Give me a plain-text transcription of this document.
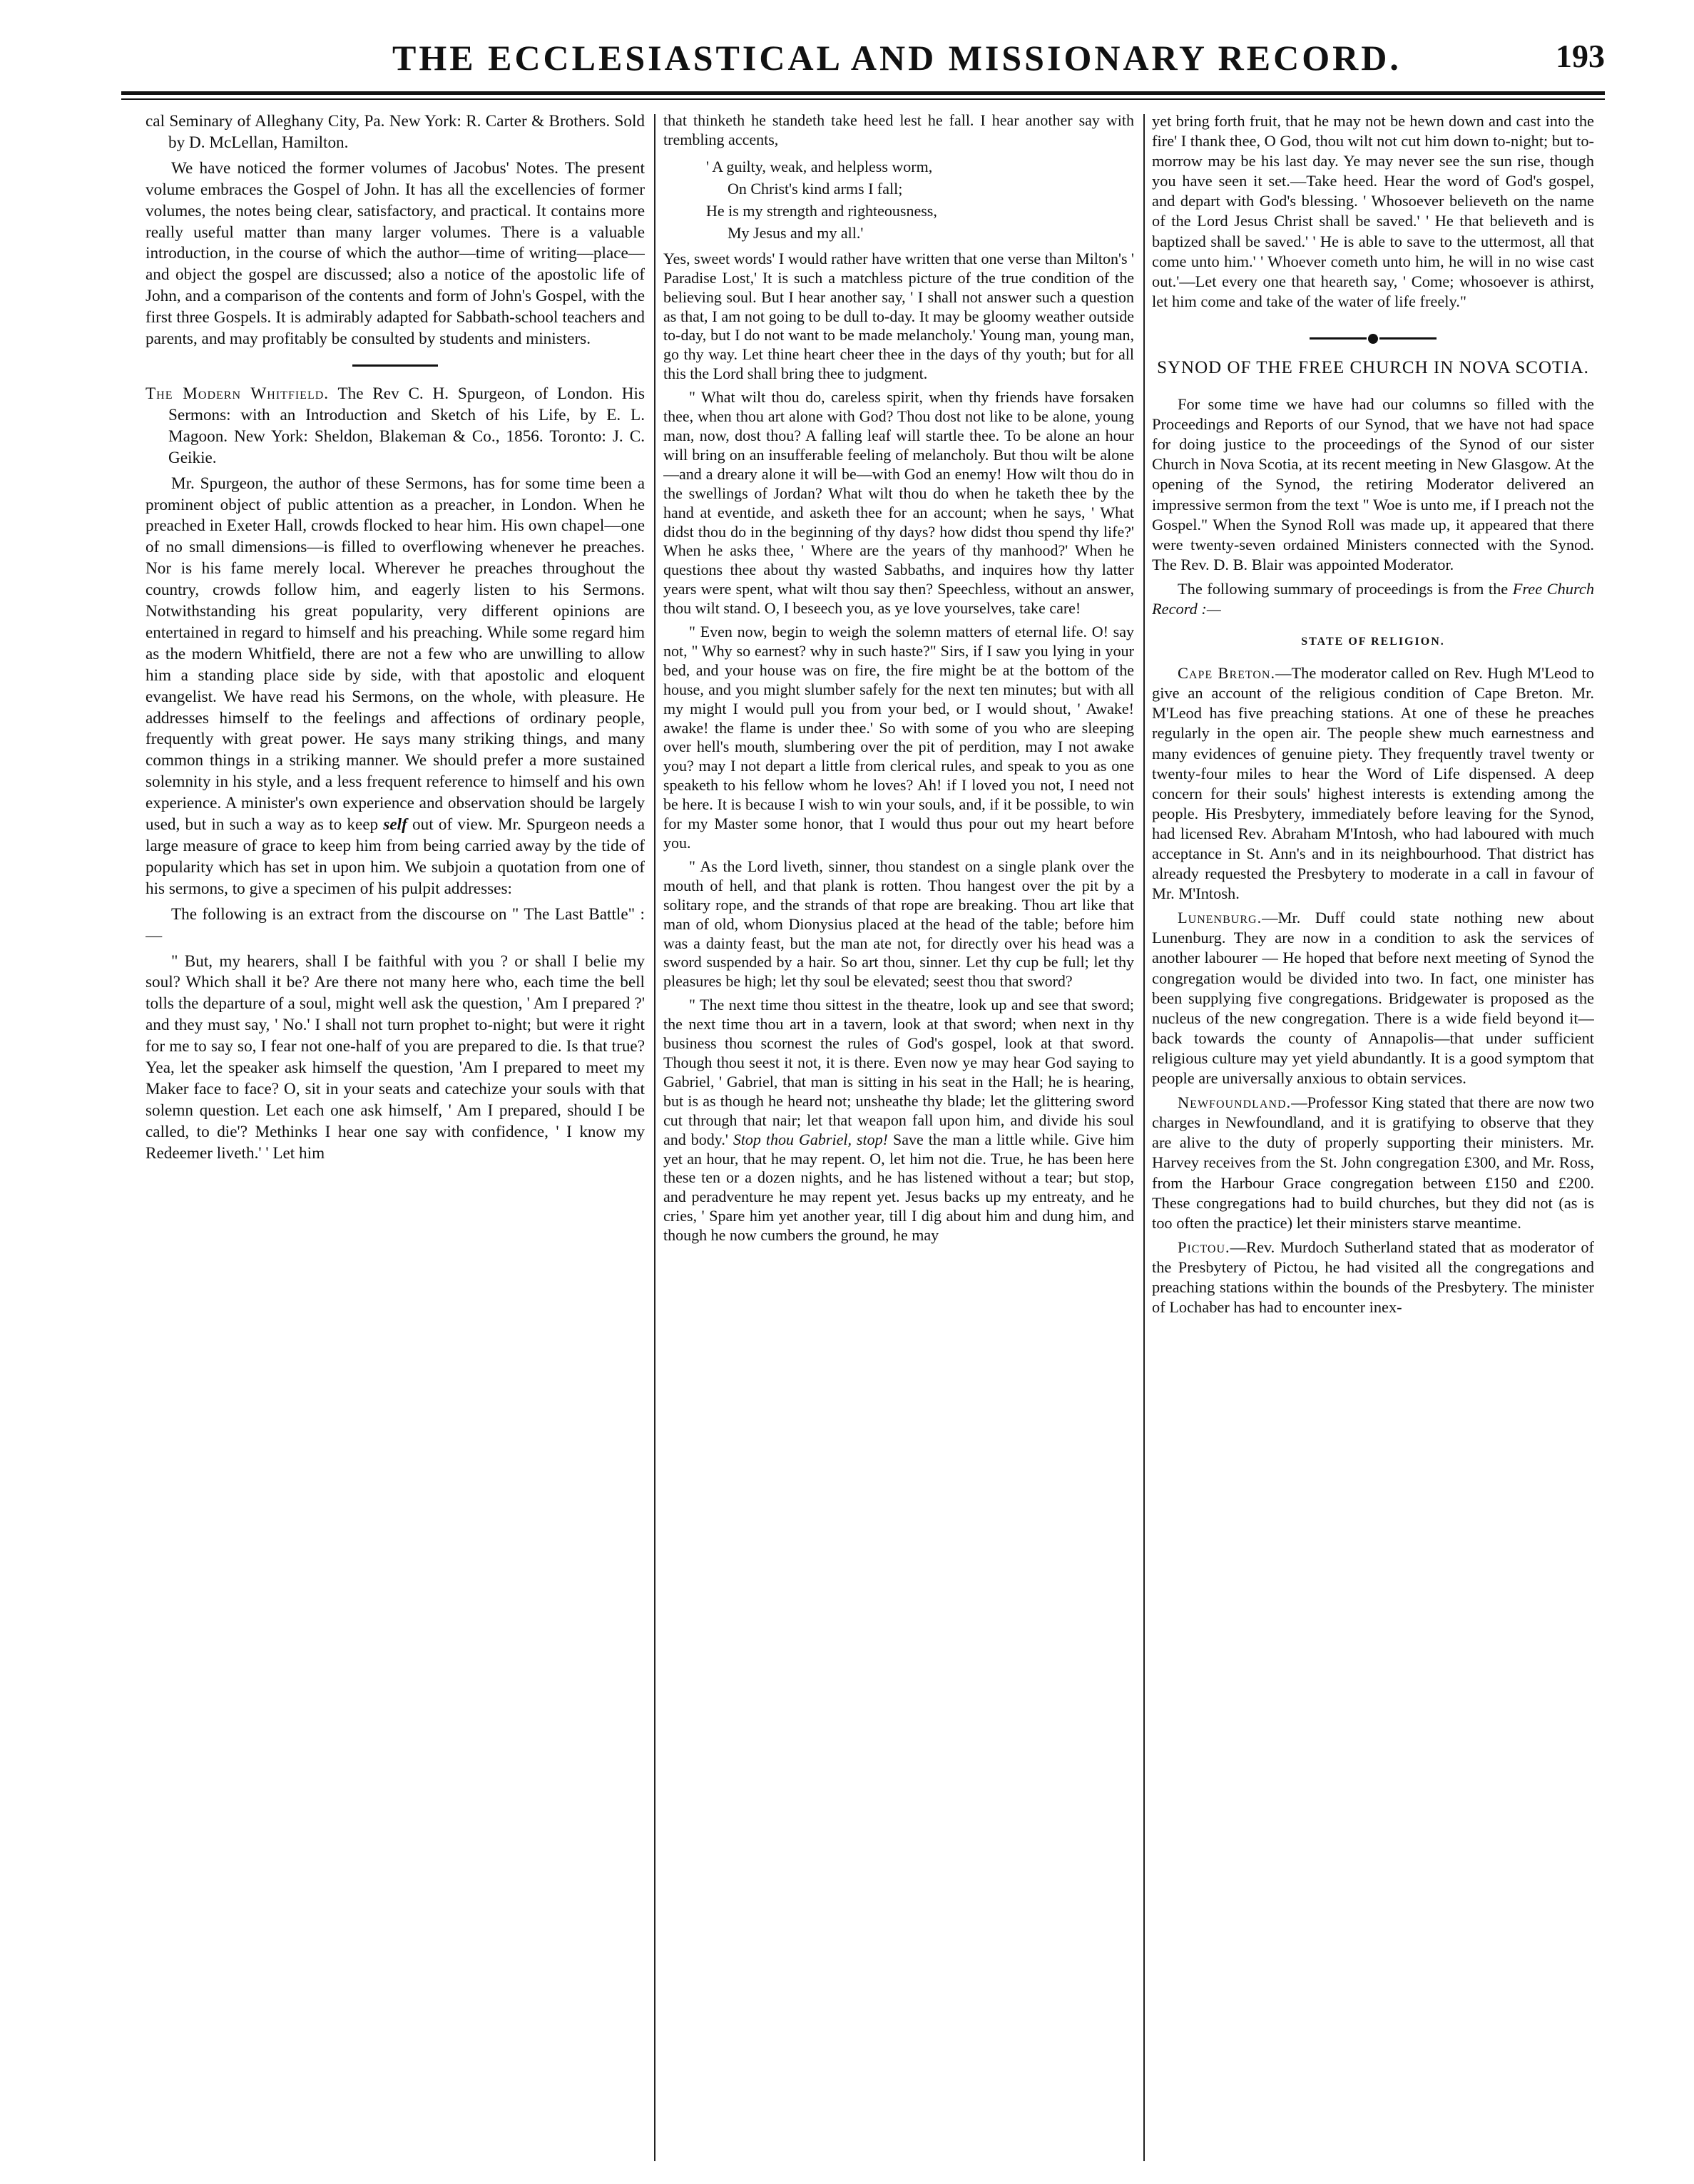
THE ECCLESIASTICAL AND MISSIONARY RECORD.	193

cal Seminary of Alleghany City, Pa. New York: R. Carter & Brothers. Sold by D. McLellan, Hamilton.

We have noticed the former volumes of Jacobus' Notes. The present volume embraces the Gospel of John. It has all the excellencies of former volumes, the notes being clear, satisfactory, and practical. It contains more really useful matter than many larger volumes. There is a valuable introduction, in the course of which the author—time of writing—place—and object the gospel are discussed; also a notice of the apostolic life of John, and a comparison of the contents and form of John's Gospel, with the first three Gospels. It is admirably adapted for Sabbath-school teachers and parents, and may profitably be consulted by students and ministers.

The Modern Whitfield. The Rev C. H. Spurgeon, of London. His Sermons: with an Introduction and Sketch of his Life, by E. L. Magoon. New York: Sheldon, Blakeman & Co., 1856. Toronto: J. C. Geikie.

Mr. Spurgeon, the author of these Sermons, has for some time been a prominent object of public attention as a preacher, in London. When he preached in Exeter Hall, crowds flocked to hear him. His own chapel—one of no small dimensions—is filled to overflowing whenever he preaches. Nor is his fame merely local. Wherever he preaches throughout the country, crowds follow him, and eagerly listen to his Sermons. Notwithstanding his great popularity, very different opinions are entertained in regard to himself and his preaching. While some regard him as the modern Whitfield, there are not a few who are unwilling to allow him a standing place side by side, with that apostolic and eloquent evangelist. We have read his Sermons, on the whole, with pleasure. He addresses himself to the feelings and affections of ordinary people, frequently with great power. He says many striking things, and many common things in a striking manner. We should prefer a more sustained solemnity in his style, and a less frequent reference to himself and his own experience. A minister's own experience and observation should be largely used, but in such a way as to keep self out of view. Mr. Spurgeon needs a large measure of grace to keep him from being carried away by the tide of popularity which has set in upon him. We subjoin a quotation from one of his sermons, to give a specimen of his pulpit addresses:

The following is an extract from the discourse on " The Last Battle" :—

" But, my hearers, shall I be faithful with you ? or shall I belie my soul? Which shall it be? Are there not many here who, each time the bell tolls the departure of a soul, might well ask the question, ' Am I prepared ?' and they must say, ' No.' I shall not turn prophet to-night; but were it right for me to say so, I fear not one-half of you are prepared to die. Is that true? Yea, let the speaker ask himself the question, 'Am I prepared to meet my Maker face to face? O, sit in your seats and catechize your souls with that solemn question. Let each one ask himself, ' Am I prepared, should I be called, to die'? Methinks I hear one say with confidence, ' I know my Redeemer liveth.' ' Let him

that thinketh he standeth take heed lest he fall. I hear another say with trembling accents,

' A guilty, weak, and helpless worm,
On Christ's kind arms I fall;
He is my strength and righteousness,
My Jesus and my all.'

Yes, sweet words' I would rather have written that one verse than Milton's ' Paradise Lost,' It is such a matchless picture of the true condition of the believing soul. But I hear another say, ' I shall not answer such a question as that, I am not going to be dull to-day. It may be gloomy weather outside to-day, but I do not want to be made melancholy.' Young man, young man, go thy way. Let thine heart cheer thee in the days of thy youth; but for all this the Lord shall bring thee to judgment.

" What wilt thou do, careless spirit, when thy friends have forsaken thee, when thou art alone with God? Thou dost not like to be alone, young man, now, dost thou? A falling leaf will startle thee. To be alone an hour will bring on an insufferable feeling of melancholy. But thou wilt be alone—and a dreary alone it will be—with God an enemy! How wilt thou do in the swellings of Jordan? What wilt thou do when he taketh thee by the hand at eventide, and asketh thee for an account; when he says, ' What didst thou do in the beginning of thy days? how didst thou spend thy life?' When he asks thee, ' Where are the years of thy manhood?' When he questions thee about thy wasted Sabbaths, and inquires how thy latter years were spent, what wilt thou say then? Speechless, without an answer, thou wilt stand. O, I beseech you, as ye love yourselves, take care!

" Even now, begin to weigh the solemn matters of eternal life. O! say not, " Why so earnest? why in such haste?" Sirs, if I saw you lying in your bed, and your house was on fire, the fire might be at the bottom of the house, and you might slumber safely for the next ten minutes; but with all my might I would pull you from your bed, or I would shout, ' Awake! awake! the flame is under thee.' So with some of you who are sleeping over hell's mouth, slumbering over the pit of perdition, may I not awake you? may I not depart a little from clerical rules, and speak to you as one speaketh to his fellow whom he loves? Ah! if I loved you not, I need not be here. It is because I wish to win your souls, and, if it be possible, to win for my Master some honor, that I would thus pour out my heart before you.

" As the Lord liveth, sinner, thou standest on a single plank over the mouth of hell, and that plank is rotten. Thou hangest over the pit by a solitary rope, and the strands of that rope are breaking. Thou art like that man of old, whom Dionysius placed at the head of the table; before him was a dainty feast, but the man ate not, for directly over his head was a sword suspended by a hair. So art thou, sinner. Let thy cup be full; let thy pleasures be high; let thy soul be elevated; seest thou that sword?

" The next time thou sittest in the theatre, look up and see that sword; the next time thou art in a tavern, look at that sword; when next in thy business thou scornest the rules of God's gospel, look at that sword. Though thou seest it not, it is there. Even now ye may hear God saying to Gabriel, ' Gabriel, that man is sitting in his seat in the Hall; he is hearing, but is as though he heard not; unsheathe thy blade; let the glittering sword cut through that nair; let that weapon fall upon him, and divide his soul and body.' Stop thou Gabriel, stop! Save the man a little while. Give him yet an hour, that he may repent. O, let him not die. True, he has been here these ten or a dozen nights, and he has listened without a tear; but stop, and peradventure he may repent yet. Jesus backs up my entreaty, and he cries, ' Spare him yet another year, till I dig about him and dung him, and though he now cumbers the ground, he may

yet bring forth fruit, that he may not be hewn down and cast into the fire' I thank thee, O God, thou wilt not cut him down to-night; but to-morrow may be his last day. Ye may never see the sun rise, though you have seen it set.—Take heed. Hear the word of God's gospel, and depart with God's blessing. ' Whosoever believeth on the name of the Lord Jesus Christ shall be saved.' ' He that believeth and is baptized shall be saved.' ' He is able to save to the uttermost, all that come unto him.' ' Whoever cometh unto him, he will in no wise cast out.'—Let every one that heareth say, ' Come; whosoever is athirst, let him come and take of the water of life freely."

SYNOD OF THE FREE CHURCH IN NOVA SCOTIA.

For some time we have had our columns so filled with the Proceedings and Reports of our Synod, that we have not had space for doing justice to the proceedings of the Synod of our sister Church in Nova Scotia, at its recent meeting in New Glasgow. At the opening of the Synod, the retiring Moderator delivered an impressive sermon from the text " Woe is unto me, if I preach not the Gospel." When the Synod Roll was made up, it appeared that there were twenty-seven ordained Ministers connected with the Synod. The Rev. D. B. Blair was appointed Moderator.

The following summary of proceedings is from the Free Church Record :—

STATE OF RELIGION.

Cape Breton.—The moderator called on Rev. Hugh M'Leod to give an account of the religious condition of Cape Breton. Mr. M'Leod has five preaching stations. At one of these he preaches regularly in the open air. The people shew much earnestness and many evidences of genuine piety. They frequently travel twenty or twenty-four miles to hear the Word of Life dispensed. A deep concern for their souls' highest interests is extending among the people. His Presbytery, immediately before leaving for the Synod, had licensed Rev. Abraham M'Intosh, who had laboured with much acceptance in St. Ann's and in its neighbourhood. That district has already requested the Presbytery to moderate in a call in favour of Mr. M'Intosh.

Lunenburg.—Mr. Duff could state nothing new about Lunenburg. They are now in a condition to ask the services of another labourer — He hoped that before next meeting of Synod the congregation would be divided into two. In fact, one minister has been supplying five congregations. Bridgewater is proposed as the nucleus of the new congregation. There is a wide field beyond it—back towards the county of Annapolis—that under sufficient religious culture may yet yield abundantly. It is a good symptom that people are universally anxious to obtain services.

Newfoundland.—Professor King stated that there are now two charges in Newfoundland, and it is gratifying to observe that they are alive to the duty of properly supporting their ministers. Mr. Harvey receives from the St. John congregation £300, and Mr. Ross, from the Harbour Grace congregation between £150 and £200. These congregations had to build churches, but they did not (as is too often the practice) let their ministers starve meantime.

Pictou.—Rev. Murdoch Sutherland stated that as moderator of the Presbytery of Pictou, he had visited all the congregations and preaching stations within the bounds of the Presbytery. The minister of Lochaber has had to encounter inex-
